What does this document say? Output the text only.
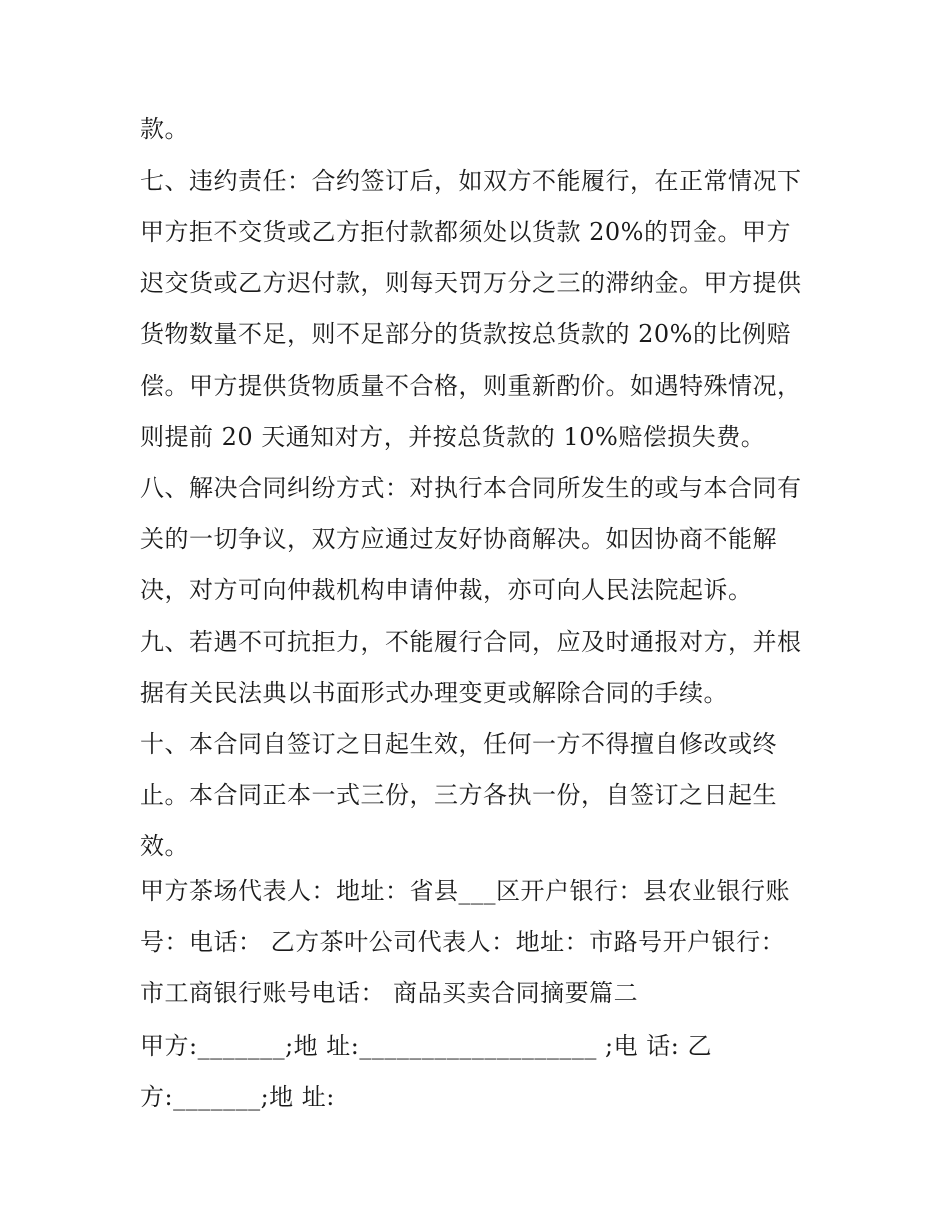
款。

七、违约责任：合约签订后，如双方不能履行，在正常情况下

甲方拒不交货或乙方拒付款都须处以货款 20%的罚金。甲方

迟交货或乙方迟付款，则每天罚万分之三的滞纳金。甲方提供

货物数量不足，则不足部分的货款按总货款的 20%的比例赔

偿。甲方提供货物质量不合格，则重新酌价。如遇特殊情况，

则提前 20 天通知对方，并按总货款的 10%赔偿损失费。

八、解决合同纠纷方式：对执行本合同所发生的或与本合同有

关的一切争议，双方应通过友好协商解决。如因协商不能解

决，对方可向仲裁机构申请仲裁，亦可向人民法院起诉。

九、若遇不可抗拒力，不能履行合同，应及时通报对方，并根

据有关民法典以书面形式办理变更或解除合同的手续。

十、本合同自签订之日起生效，任何一方不得擅自修改或终

止。本合同正本一式三份，三方各执一份，自签订之日起生

效。

甲方茶场代表人：地址：省县___区开户银行：县农业银行账

号：电话： 乙方茶叶公司代表人：地址：市路号开户银行：

市工商银行账号电话： 商品买卖合同摘要篇二

甲方:_______;地 址:___________________ ;电 话: 乙

方:_______;地 址:
